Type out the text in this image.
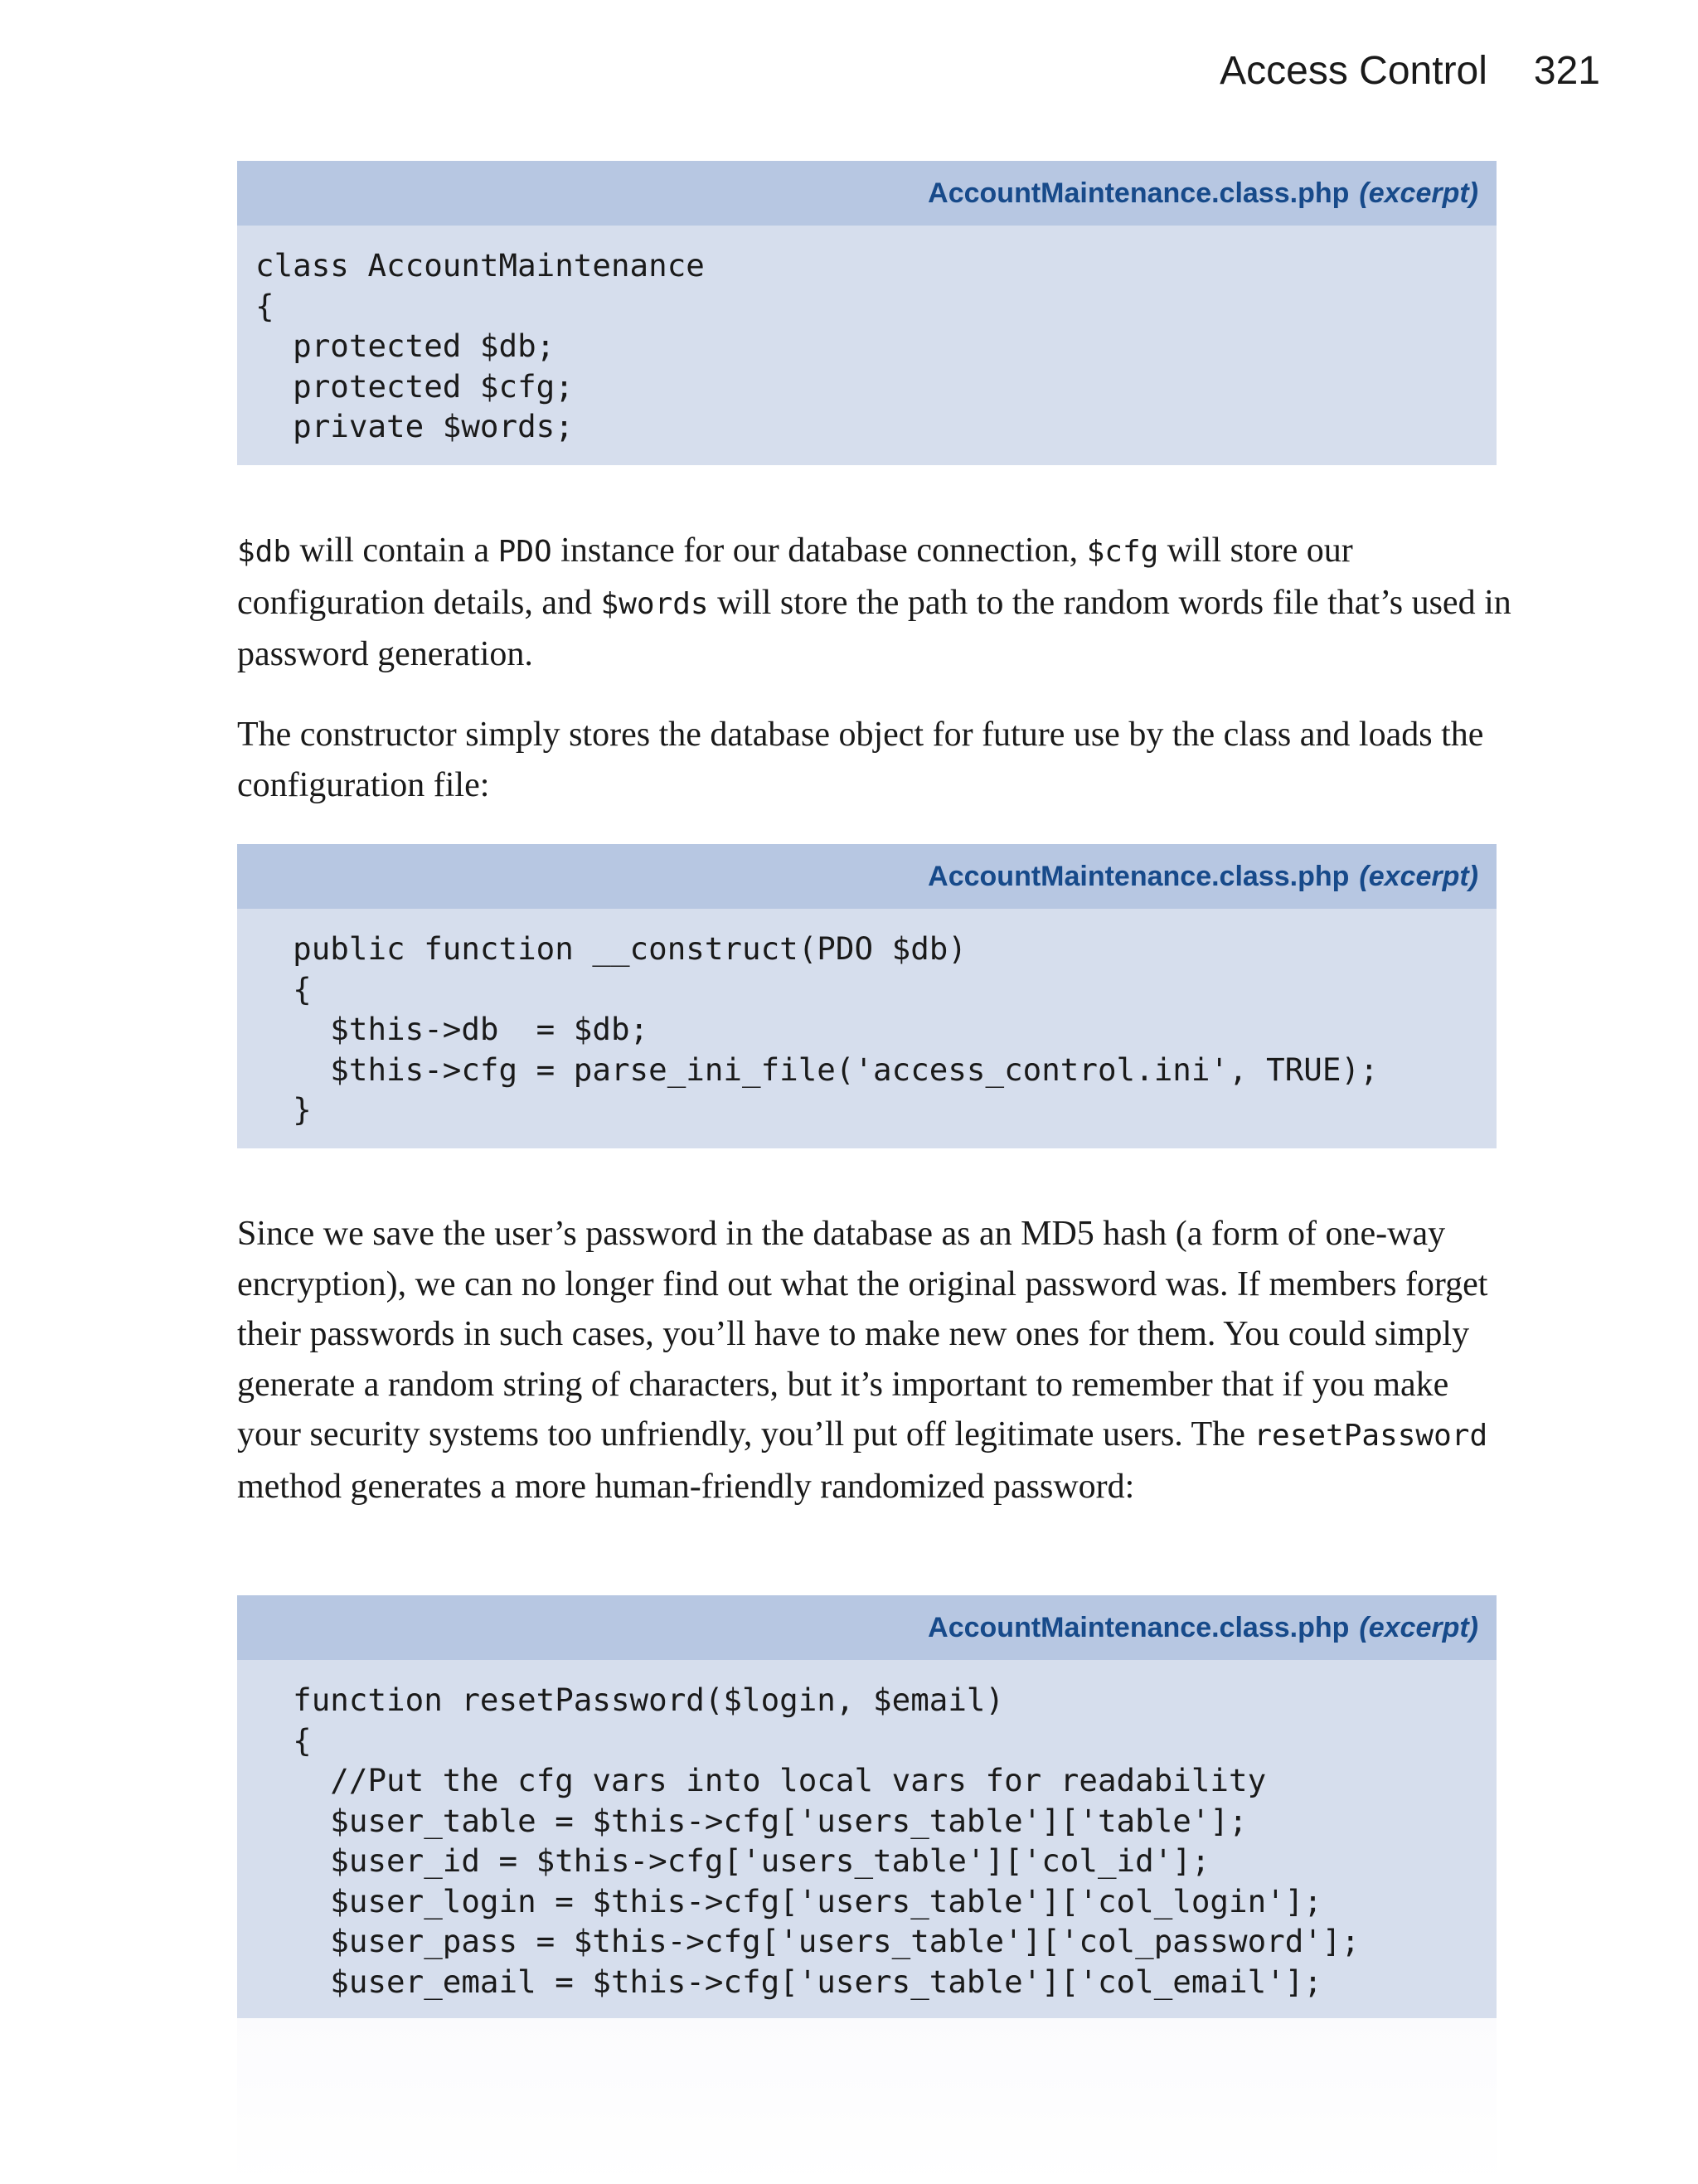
Access Control 321
AccountMaintenance.class.php (excerpt)
class AccountMaintenance
{
protected $db;
protected $cfg;
private $words;

$db will contain a PDO instance for our database connection, $cfg will store our configuration details, and $words will store the path to the random words file that’s used in password generation.

The constructor simply stores the database object for future use by the class and loads the configuration file:

AccountMaintenance.class.php (excerpt)
public function __construct(PDO $db)
{
$this->db  = $db;
$this->cfg = parse_ini_file('access_control.ini', TRUE);
}

Since we save the user’s password in the database as an MD5 hash (a form of one-way encryption), we can no longer find out what the original password was. If members forget their passwords in such cases, you’ll have to make new ones for them. You could simply generate a random string of characters, but it’s important to remember that if you make your security systems too unfriendly, you’ll put off legitimate users. The resetPassword method generates a more human-friendly randomized password:

AccountMaintenance.class.php (excerpt)
function resetPassword($login, $email)
{
//Put the cfg vars into local vars for readability
$user_table = $this->cfg['users_table']['table'];
$user_id = $this->cfg['users_table']['col_id'];
$user_login = $this->cfg['users_table']['col_login'];
$user_pass = $this->cfg['users_table']['col_password'];
$user_email = $this->cfg['users_table']['col_email'];
